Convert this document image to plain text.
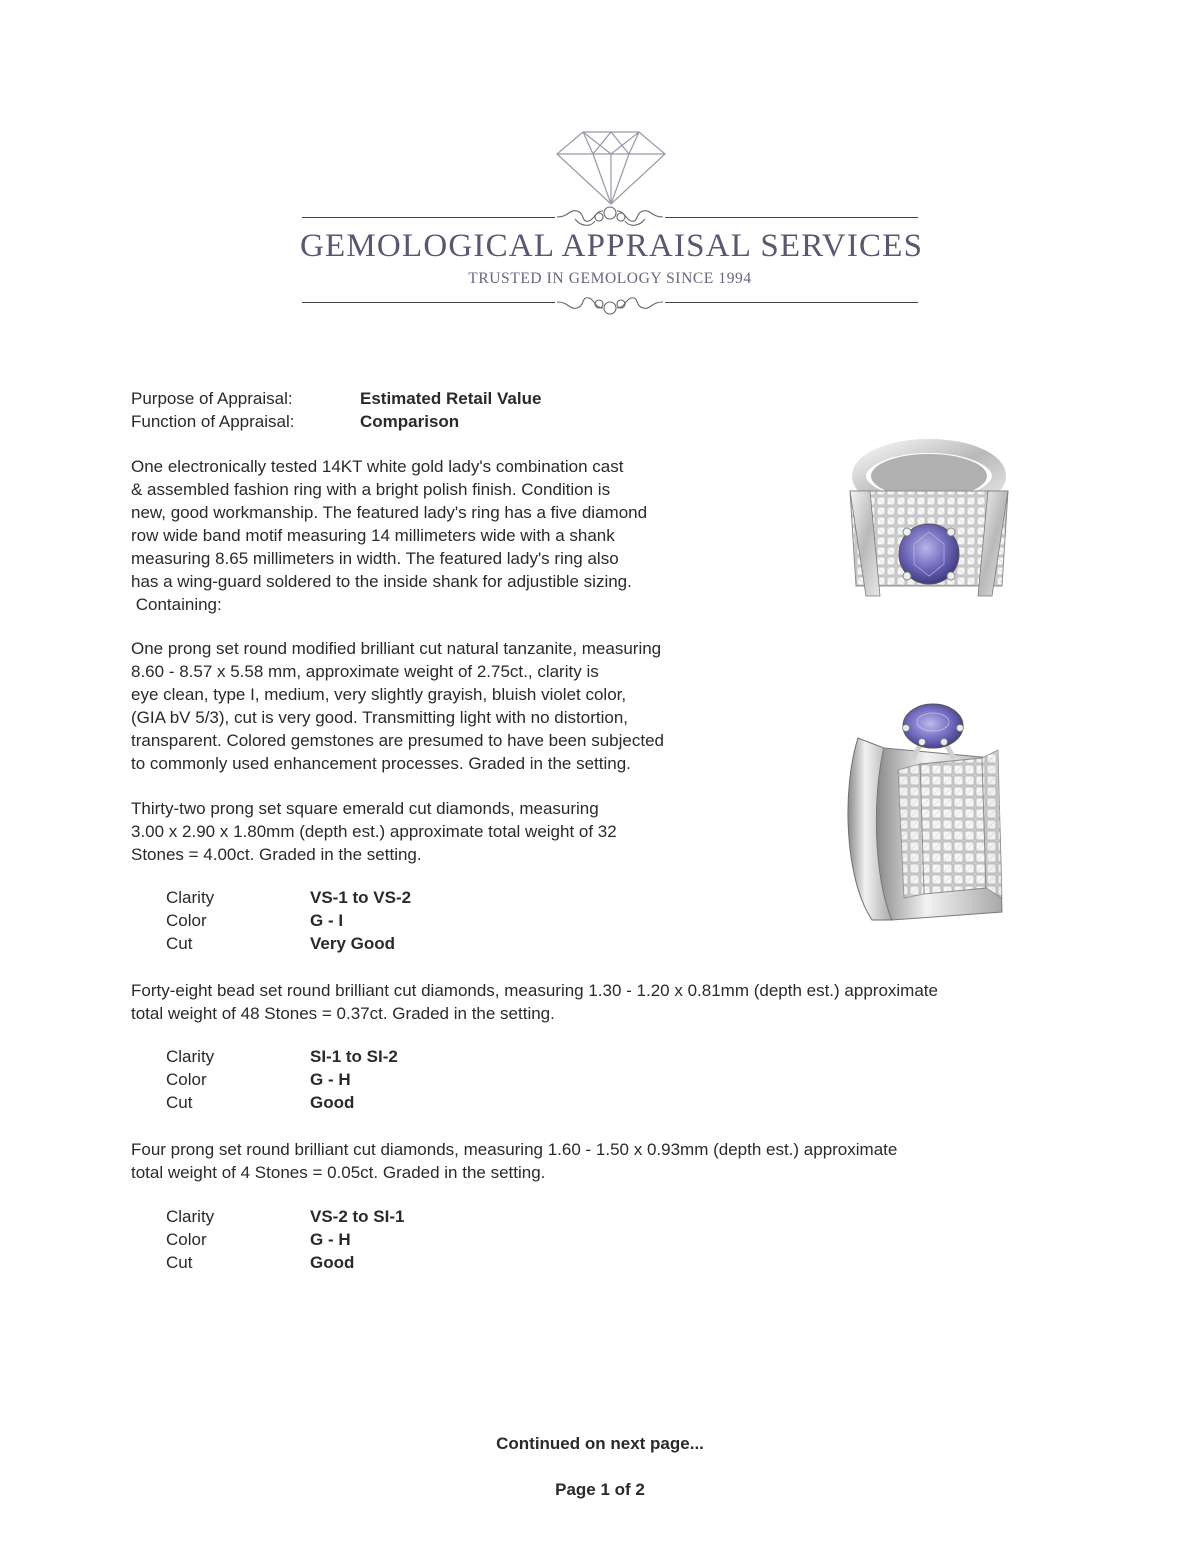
GEMOLOGICAL APPRAISAL SERVICES
TRUSTED IN GEMOLOGY SINCE 1994
Purpose of Appraisal:	Estimated Retail Value
Function of Appraisal:	Comparison
One electronically tested 14KT white gold lady's combination cast
& assembled fashion ring with a bright polish finish. Condition is
new, good workmanship. The featured lady's ring has a five diamond
row wide band motif measuring 14 millimeters wide with a shank
measuring 8.65 millimeters in width. The featured lady's ring also
has a wing-guard soldered to the inside shank for adjustible sizing.
Containing:
One prong set round modified brilliant cut natural tanzanite, measuring
8.60 - 8.57 x 5.58 mm, approximate weight of 2.75ct., clarity is
eye clean, type I, medium, very slightly grayish, bluish violet color,
(GIA bV 5/3), cut is very good. Transmitting light with no distortion,
transparent. Colored gemstones are presumed to have been subjected
to commonly used enhancement processes. Graded in the setting.
Thirty-two prong set square emerald cut diamonds, measuring
3.00 x 2.90 x 1.80mm (depth est.) approximate total weight of 32
Stones = 4.00ct. Graded in the setting.
Clarity	VS-1 to VS-2
Color	G - I
Cut	Very Good
Forty-eight bead set round brilliant cut diamonds, measuring 1.30 - 1.20 x 0.81mm (depth est.) approximate
total weight of 48 Stones = 0.37ct. Graded in the setting.
Clarity	SI-1 to SI-2
Color	G - H
Cut	Good
Four prong set round brilliant cut diamonds, measuring 1.60 - 1.50 x 0.93mm (depth est.) approximate
total weight of 4 Stones = 0.05ct. Graded in the setting.
Clarity	VS-2 to SI-1
Color	G - H
Cut	Good
Continued on next page...
Page 1 of 2
